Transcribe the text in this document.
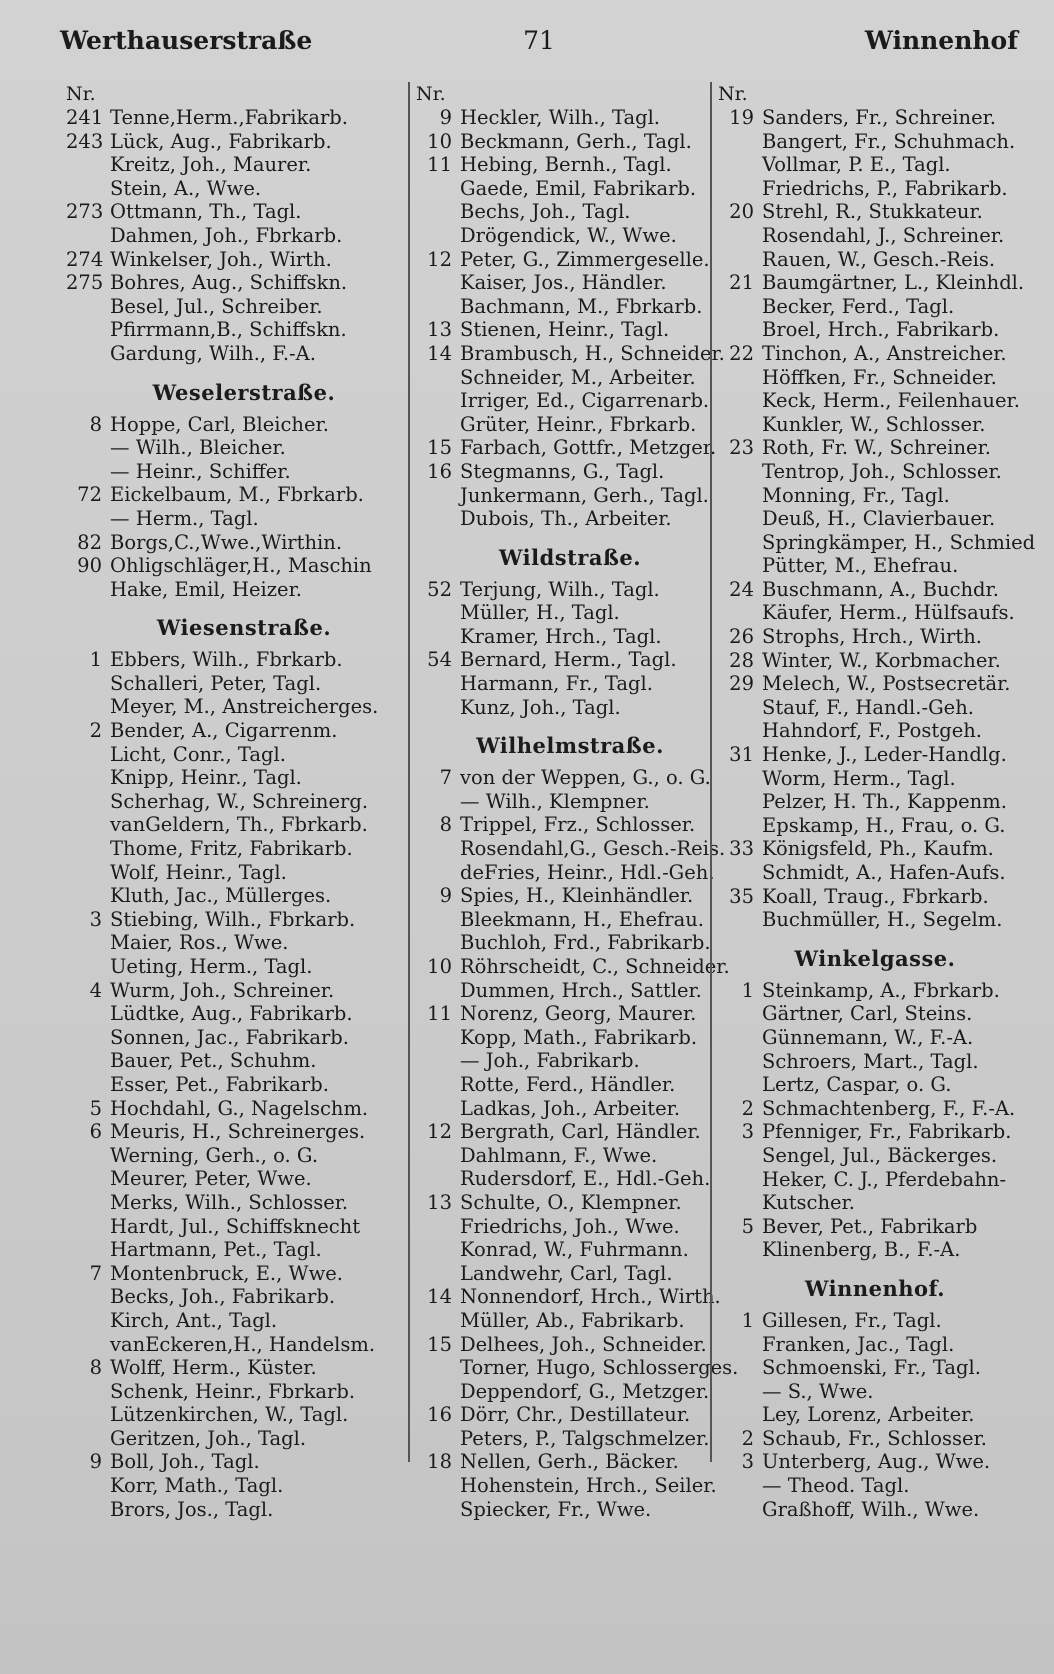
Werthauserstraße	71	Winnenhof
Nr.
241 Tenne,Herm.,Fabrikarb.
243 Lück, Aug., Fabrikarb.
Kreitz, Joh., Maurer.
Stein, A., Wwe.
273 Ottmann, Th., Tagl.
Dahmen, Joh., Fbrkarb.
274 Winkelser, Joh., Wirth.
275 Bohres, Aug., Schiffskn.
Besel, Jul., Schreiber.
Pfirrmann,B., Schiffskn.
Gardung, Wilh., F.-A.
Weselerstraße.
8 Hoppe, Carl, Bleicher.
— Wilh., Bleicher.
— Heinr., Schiffer.
72 Eickelbaum, M., Fbrkarb.
— Herm., Tagl.
82 Borgs,C.,Wwe.,Wirthin.
90 Ohligschläger,H., Maschin
Hake, Emil, Heizer.
Wiesenstraße.
1 Ebbers, Wilh., Fbrkarb.
Schalleri, Peter, Tagl.
Meyer, M., Anstreicherges.
2 Bender, A., Cigarrenm.
Licht, Conr., Tagl.
Knipp, Heinr., Tagl.
Scherhag, W., Schreinerg.
vanGeldern, Th., Fbrkarb.
Thome, Fritz, Fabrikarb.
Wolf, Heinr., Tagl.
Kluth, Jac., Müllerges.
3 Stiebing, Wilh., Fbrkarb.
Maier, Ros., Wwe.
Ueting, Herm., Tagl.
4 Wurm, Joh., Schreiner.
Lüdtke, Aug., Fabrikarb.
Sonnen, Jac., Fabrikarb.
Bauer, Pet., Schuhm.
Esser, Pet., Fabrikarb.
5 Hochdahl, G., Nagelschm.
6 Meuris, H., Schreinerges.
Werning, Gerh., o. G.
Meurer, Peter, Wwe.
Merks, Wilh., Schlosser.
Hardt, Jul., Schiffsknecht
Hartmann, Pet., Tagl.
7 Montenbruck, E., Wwe.
Becks, Joh., Fabrikarb.
Kirch, Ant., Tagl.
vanEckeren,H., Handelsm.
8 Wolff, Herm., Küster.
Schenk, Heinr., Fbrkarb.
Lützenkirchen, W., Tagl.
Geritzen, Joh., Tagl.
9 Boll, Joh., Tagl.
Korr, Math., Tagl.
Brors, Jos., Tagl.
Nr.
9 Heckler, Wilh., Tagl.
10 Beckmann, Gerh., Tagl.
11 Hebing, Bernh., Tagl.
Gaede, Emil, Fabrikarb.
Bechs, Joh., Tagl.
Drögendick, W., Wwe.
12 Peter, G., Zimmergeselle.
Kaiser, Jos., Händler.
Bachmann, M., Fbrkarb.
13 Stienen, Heinr., Tagl.
14 Brambusch, H., Schneider.
Schneider, M., Arbeiter.
Irriger, Ed., Cigarrenarb.
Grüter, Heinr., Fbrkarb.
15 Farbach, Gottfr., Metzger.
16 Stegmanns, G., Tagl.
Junkermann, Gerh., Tagl.
Dubois, Th., Arbeiter.
Wildstraße.
52 Terjung, Wilh., Tagl.
Müller, H., Tagl.
Kramer, Hrch., Tagl.
54 Bernard, Herm., Tagl.
Harmann, Fr., Tagl.
Kunz, Joh., Tagl.
Wilhelmstraße.
7 von der Weppen, G., o. G.
— Wilh., Klempner.
8 Trippel, Frz., Schlosser.
Rosendahl,G., Gesch.-Reis.
deFries, Heinr., Hdl.-Geh.
9 Spies, H., Kleinhändler.
Bleekmann, H., Ehefrau.
Buchloh, Frd., Fabrikarb.
10 Röhrscheidt, C., Schneider.
Dummen, Hrch., Sattler.
11 Norenz, Georg, Maurer.
Kopp, Math., Fabrikarb.
— Joh., Fabrikarb.
Rotte, Ferd., Händler.
Ladkas, Joh., Arbeiter.
12 Bergrath, Carl, Händler.
Dahlmann, F., Wwe.
Rudersdorf, E., Hdl.-Geh.
13 Schulte, O., Klempner.
Friedrichs, Joh., Wwe.
Konrad, W., Fuhrmann.
Landwehr, Carl, Tagl.
14 Nonnendorf, Hrch., Wirth.
Müller, Ab., Fabrikarb.
15 Delhees, Joh., Schneider.
Torner, Hugo, Schlosserges.
Deppendorf, G., Metzger.
16 Dörr, Chr., Destillateur.
Peters, P., Talgschmelzer.
18 Nellen, Gerh., Bäcker.
Hohenstein, Hrch., Seiler.
Spiecker, Fr., Wwe.
Nr.
19 Sanders, Fr., Schreiner.
Bangert, Fr., Schuhmach.
Vollmar, P. E., Tagl.
Friedrichs, P., Fabrikarb.
20 Strehl, R., Stukkateur.
Rosendahl, J., Schreiner.
Rauen, W., Gesch.-Reis.
21 Baumgärtner, L., Kleinhdl.
Becker, Ferd., Tagl.
Broel, Hrch., Fabrikarb.
22 Tinchon, A., Anstreicher.
Höffken, Fr., Schneider.
Keck, Herm., Feilenhauer.
Kunkler, W., Schlosser.
23 Roth, Fr. W., Schreiner.
Tentrop, Joh., Schlosser.
Monning, Fr., Tagl.
Deuß, H., Clavierbauer.
Springkämper, H., Schmied
Pütter, M., Ehefrau.
24 Buschmann, A., Buchdr.
Käufer, Herm., Hülfsaufs.
26 Strophs, Hrch., Wirth.
28 Winter, W., Korbmacher.
29 Melech, W., Postsecretär.
Stauf, F., Handl.-Geh.
Hahndorf, F., Postgeh.
31 Henke, J., Leder-Handlg.
Worm, Herm., Tagl.
Pelzer, H. Th., Kappenm.
Epskamp, H., Frau, o. G.
33 Königsfeld, Ph., Kaufm.
Schmidt, A., Hafen-Aufs.
35 Koall, Traug., Fbrkarb.
Buchmüller, H., Segelm.
Winkelgasse.
1 Steinkamp, A., Fbrkarb.
Gärtner, Carl, Steins.
Günnemann, W., F.-A.
Schroers, Mart., Tagl.
Lertz, Caspar, o. G.
2 Schmachtenberg, F., F.-A.
3 Pfenniger, Fr., Fabrikarb.
Sengel, Jul., Bäckerges.
Heker, C. J., Pferdebahn-
Kutscher.
5 Bever, Pet., Fabrikarb
Klinenberg, B., F.-A.
Winnenhof.
1 Gillesen, Fr., Tagl.
Franken, Jac., Tagl.
Schmoenski, Fr., Tagl.
— S., Wwe.
Ley, Lorenz, Arbeiter.
2 Schaub, Fr., Schlosser.
3 Unterberg, Aug., Wwe.
— Theod. Tagl.
Graßhoff, Wilh., Wwe.
